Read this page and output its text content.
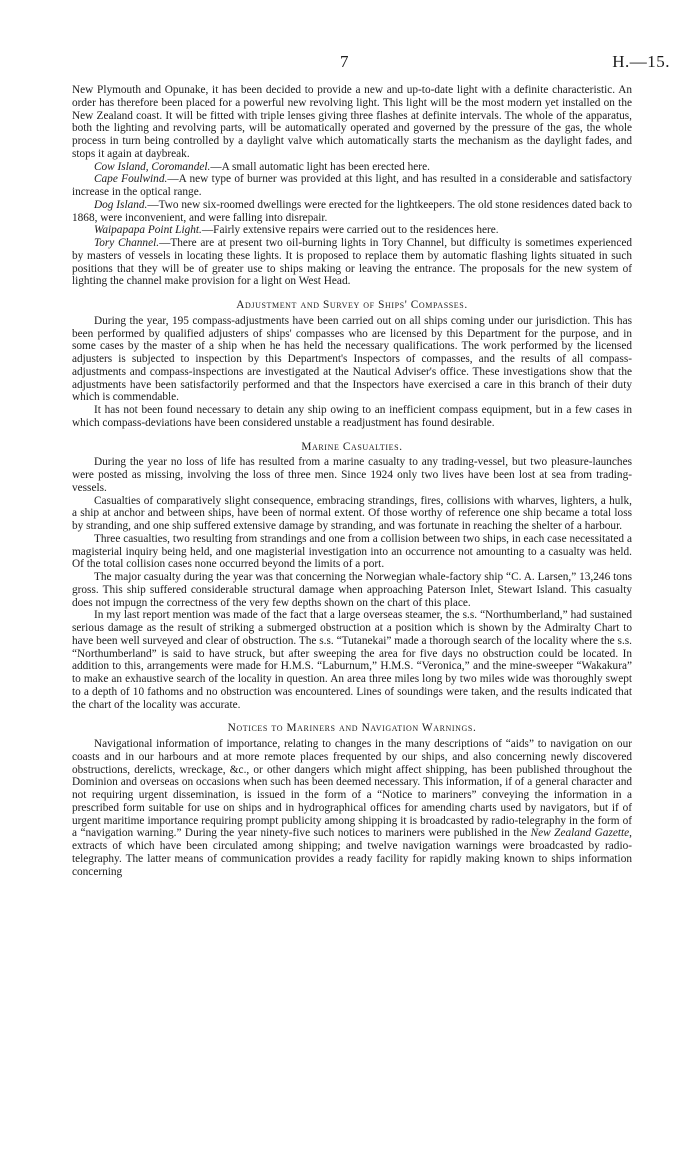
7	H.—15.

New Plymouth and Opunake, it has been decided to provide a new and up-to-date light with a definite characteristic. An order has therefore been placed for a powerful new revolving light. This light will be the most modern yet installed on the New Zealand coast. It will be fitted with triple lenses giving three flashes at definite intervals. The whole of the apparatus, both the lighting and revolving parts, will be automatically operated and governed by the pressure of the gas, the whole process in turn being controlled by a daylight valve which automatically starts the mechanism as the daylight fades, and stops it again at daybreak.

Cow Island, Coromandel.—A small automatic light has been erected here.

Cape Foulwind.—A new type of burner was provided at this light, and has resulted in a considerable and satisfactory increase in the optical range.

Dog Island.—Two new six-roomed dwellings were erected for the lightkeepers. The old stone residences dated back to 1868, were inconvenient, and were falling into disrepair.

Waipapapa Point Light.—Fairly extensive repairs were carried out to the residences here.

Tory Channel.—There are at present two oil-burning lights in Tory Channel, but difficulty is sometimes experienced by masters of vessels in locating these lights. It is proposed to replace them by automatic flashing lights situated in such positions that they will be of greater use to ships making or leaving the entrance. The proposals for the new system of lighting the channel make provision for a light on West Head.

Adjustment and Survey of Ships' Compasses.

During the year, 195 compass-adjustments have been carried out on all ships coming under our jurisdiction. This has been performed by qualified adjusters of ships' compasses who are licensed by this Department for the purpose, and in some cases by the master of a ship when he has held the necessary qualifications. The work performed by the licensed adjusters is subjected to inspection by this Department's Inspectors of compasses, and the results of all compass-adjustments and compass-inspections are investigated at the Nautical Adviser's office. These investigations show that the adjustments have been satisfactorily performed and that the Inspectors have exercised a care in this branch of their duty which is commendable.

It has not been found necessary to detain any ship owing to an inefficient compass equipment, but in a few cases in which compass-deviations have been considered unstable a readjustment has found desirable.

Marine Casualties.

During the year no loss of life has resulted from a marine casualty to any trading-vessel, but two pleasure-launches were posted as missing, involving the loss of three men. Since 1924 only two lives have been lost at sea from trading-vessels.

Casualties of comparatively slight consequence, embracing strandings, fires, collisions with wharves, lighters, a hulk, a ship at anchor and between ships, have been of normal extent. Of those worthy of reference one ship became a total loss by stranding, and one ship suffered extensive damage by stranding, and was fortunate in reaching the shelter of a harbour.

Three casualties, two resulting from strandings and one from a collision between two ships, in each case necessitated a magisterial inquiry being held, and one magisterial investigation into an occurrence not amounting to a casualty was held. Of the total collision cases none occurred beyond the limits of a port.

The major casualty during the year was that concerning the Norwegian whale-factory ship “C. A. Larsen,” 13,246 tons gross. This ship suffered considerable structural damage when approaching Paterson Inlet, Stewart Island. This casualty does not impugn the correctness of the very few depths shown on the chart of this place.

In my last report mention was made of the fact that a large overseas steamer, the s.s. “Northumberland,” had sustained serious damage as the result of striking a submerged obstruction at a position which is shown by the Admiralty Chart to have been well surveyed and clear of obstruction. The s.s. “Tutanekai” made a thorough search of the locality where the s.s. “Northumberland” is said to have struck, but after sweeping the area for five days no obstruction could be located. In addition to this, arrangements were made for H.M.S. “Laburnum,” H.M.S. “Veronica,” and the mine-sweeper “Wakakura” to make an exhaustive search of the locality in question. An area three miles long by two miles wide was thoroughly swept to a depth of 10 fathoms and no obstruction was encountered. Lines of soundings were taken, and the results indicated that the chart of the locality was accurate.

Notices to Mariners and Navigation Warnings.

Navigational information of importance, relating to changes in the many descriptions of “aids” to navigation on our coasts and in our harbours and at more remote places frequented by our ships, and also concerning newly discovered obstructions, derelicts, wreckage, &c., or other dangers which might affect shipping, has been published throughout the Dominion and overseas on occasions when such has been deemed necessary. This information, if of a general character and not requiring urgent dissemination, is issued in the form of a “Notice to mariners” conveying the information in a prescribed form suitable for use on ships and in hydrographical offices for amending charts used by navigators, but if of urgent maritime importance requiring prompt publicity among shipping it is broadcasted by radio-telegraphy in the form of a “navigation warning.” During the year ninety-five such notices to mariners were published in the New Zealand Gazette, extracts of which have been circulated among shipping; and twelve navigation warnings were broadcasted by radio-telegraphy. The latter means of communication provides a ready facility for rapidly making known to ships information concerning
